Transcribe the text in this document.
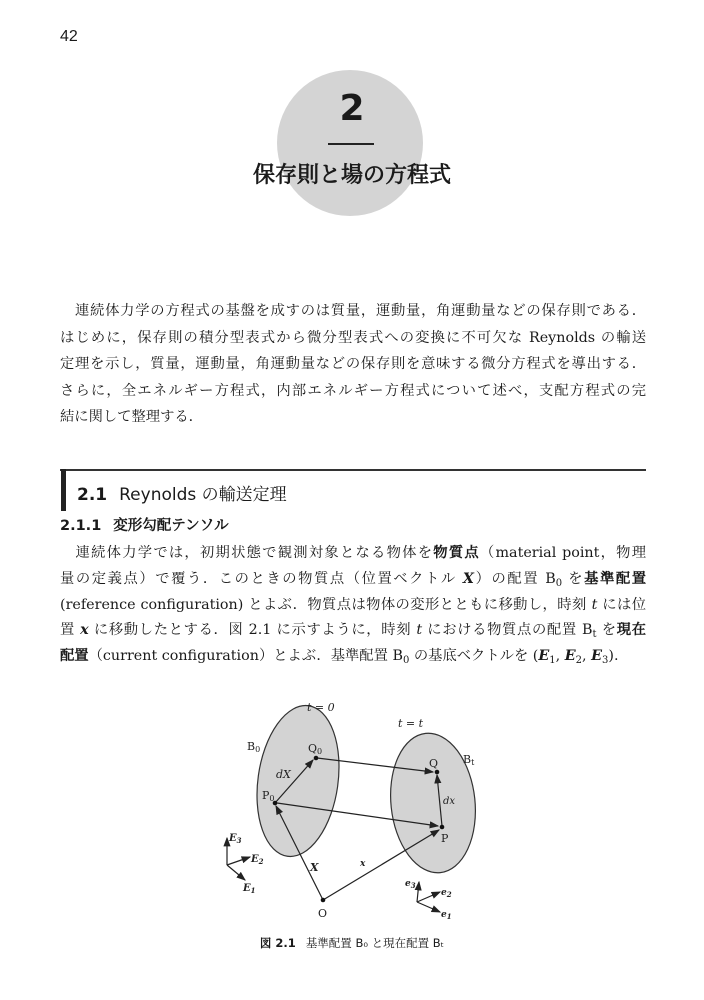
42
2
保存則と場の方程式
　連続体力学の方程式の基盤を成すのは質量，運動量，角運動量などの保存則である．
はじめに，保存則の積分型表式から微分型表式への変換に不可欠な Reynolds の輸送
定理を示し，質量，運動量，角運動量などの保存則を意味する微分方程式を導出する．
さらに，全エネルギー方程式，内部エネルギー方程式について述べ，支配方程式の完
結に関して整理する．
2.1 Reynolds の輸送定理
2.1.1 変形勾配テンソル
　連続体力学では，初期状態で観測対象となる物体を物質点（material point，物理
量の定義点）で覆う．このときの物質点（位置ベクトル X）の配置 $B_0$ を基準配置
(reference configuration) とよぶ．物質点は物体の変形とともに移動し，時刻 t には位
置 x に移動したとする．図 2.1 に示すように，時刻 t における物質点の配置 $B_t$ を現在
配置（current configuration）とよぶ．基準配置 $B_0$ の基底ベクトルを ($E_1$, $E_2$, $E_3$).
t = 0
t = t
B0
Bt
Q0
P0
Q
P
O
dX
dx
X	x
$E_3$
$E_2$
$E_1$
$e_3$
$e_2$
$e_1$
図 2.1 基準配置 B₀ と現在配置 Bₜ
